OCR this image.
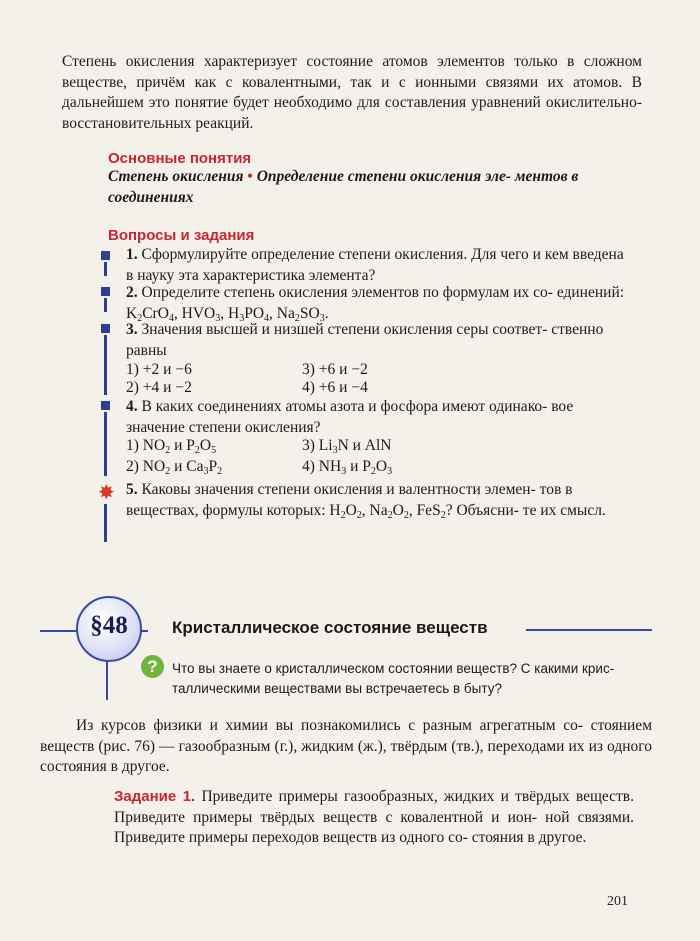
Степень окисления характеризует состояние атомов элементов только в сложном веществе, причём как с ковалентными, так и с ионными связями их атомов. В дальнейшем это понятие будет необходимо для составления уравнений окислительно-восстановительных реакций.
Основные понятия
Степень окисления • Определение степени окисления эле- ментов в соединениях
Вопросы и задания
✸
1. Сформулируйте определение степени окисления. Для чего и кем введена в науку эта характеристика элемента?
2. Определите степень окисления элементов по формулам их со- единений: $K_2CrO_4$, $HVO_3$, $H_3PO_4$, $Na_2SO_3$.
3. Значения высшей и низшей степени окисления серы соответ- ственно равны
1) +2 и −6	3) +6 и −2
2) +4 и −2	4) +6 и −4
4. В каких соединениях атомы азота и фосфора имеют одинако- вое значение степени окисления?
1) $NO_2$ и $P_2O_5$	3) $Li_3N$ и AlN
2) $NO_2$ и $Ca_3P_2$	4) $NH_3$ и $P_2O_3$
5. Каковы значения степени окисления и валентности элемен- тов в веществах, формулы которых: $H_2O_2$, $Na_2O_2$, FeS$_2$? Объясни- те их смысл.
§48	Кристаллическое состояние веществ
?	Что вы знаете о кристаллическом состоянии веществ? С какими крис- таллическими веществами вы встречаетесь в быту?
Из курсов физики и химии вы познакомились с разным агрегатным со- стоянием веществ (рис. 76) — газообразным (г.), жидким (ж.), твёрдым (тв.), переходами их из одного состояния в другое.
Задание 1. Приведите примеры газообразных, жидких и твёрдых веществ. Приведите примеры твёрдых веществ с ковалентной и ион- ной связями. Приведите примеры переходов веществ из одного со- стояния в другое.
201
